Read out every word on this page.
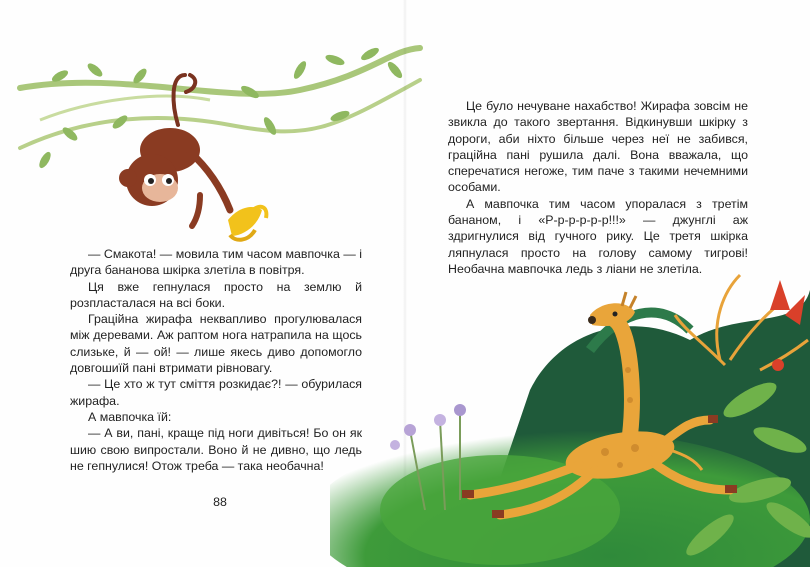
— Смакота! — мовила тим часом мавпочка — і друга бананова шкірка злетіла в повітря.

Ця вже гепнулася просто на землю й розпласталася на всі боки.

Грацiйна жирафа неквапливо прогулювалася між деревами. Аж раптом нога натрапила на щось слизьке, й — ой! — лише якесь диво допомогло довгошиїй пані втримати рівновагу.

— Це хто ж тут сміття розкидає?! — обурилася жирафа.

А мавпочка їй:

— А ви, пані, краще під ноги дивіться! Бо он як шию свою випростали. Воно й не дивно, що ледь не гепнулися! Отож треба — така необачна!

88

Це було нечуване нахабство! Жирафа зовсім не звикла до такого звертання. Відкинувши шкірку з дороги, аби ніхто більше через неї не забився, грацiйна пані рушила далі. Вона вважала, що сперечатися негоже, тим паче з такими нечемними особами.

А мавпочка тим часом упоралася з третім бананом, і «Р-р-р-р-р-р!!!» — джунглі аж здригнулися від гучного рику. Це третя шкірка ляпнулася просто на голову самому тигрові! Необачна мавпочка ледь з ліани не злетіла.
